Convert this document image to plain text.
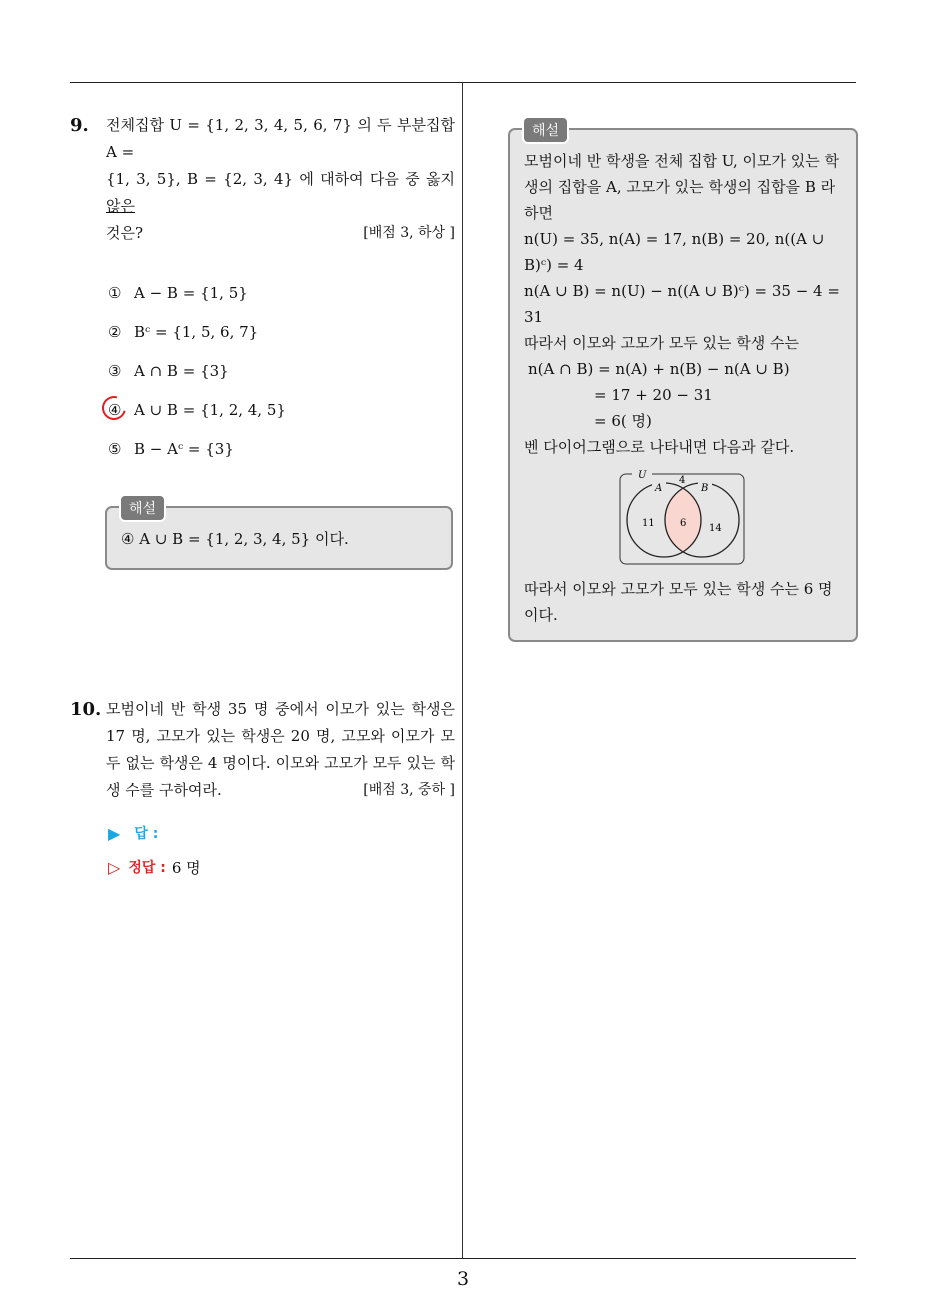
3
9. 전체집합 U = {1, 2, 3, 4, 5, 6, 7} 의 두 부분집합 A =
{1, 3, 5}, B = {2, 3, 4} 에 대하여 다음 중 옳지 않은
것은?	[배점 3, 하상 ]
① A − B = {1, 5}
② Bᶜ = {1, 5, 6, 7}
③ A ∩ B = {3}
④ A ∪ B = {1, 2, 4, 5}
⑤ B − Aᶜ = {3}
해설
④ A ∪ B = {1, 2, 3, 4, 5} 이다.
10. 모범이네 반 학생 35 명 중에서 이모가 있는 학생은 17 명, 고모가 있는 학생은 20 명, 고모와 이모가 모두 없는 학생은 4 명이다. 이모와 고모가 모두 있는 학생 수를 구하여라.	[배점 3, 중하 ]
▶ 답 :
▷ 정답 : 6 명
해설
모범이네 반 학생을 전체 집합 U, 이모가 있는 학생의 집합을 A, 고모가 있는 학생의 집합을 B 라 하면
n(U) = 35, n(A) = 17, n(B) = 20, n((A ∪ B)ᶜ) = 4
n(A ∪ B) = n(U) − n((A ∪ B)ᶜ) = 35 − 4 = 31
따라서 이모와 고모가 모두 있는 학생 수는
n(A ∩ B) = n(A) + n(B) − n(A ∪ B)
= 17 + 20 − 31
= 6( 명)
벤 다이어그램으로 나타내면 다음과 같다.
U
A	B
4
11	6 14
따라서 이모와 고모가 모두 있는 학생 수는 6 명이다.
